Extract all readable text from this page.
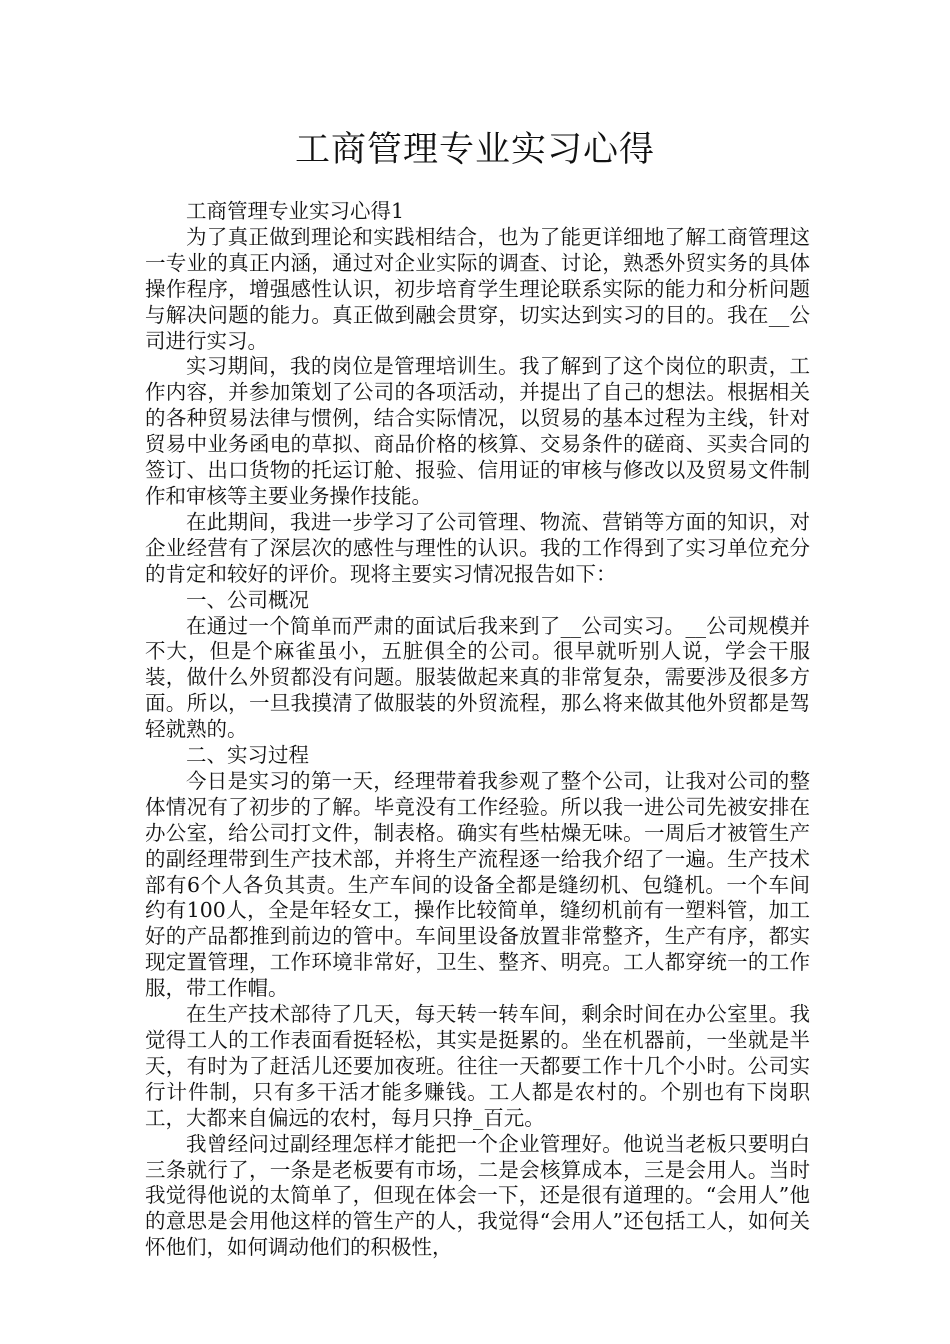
工商管理专业实习心得

工商管理专业实习心得1

为了真正做到理论和实践相结合，也为了能更详细地了解工商管理这一专业的真正内涵，通过对企业实际的调查、讨论，熟悉外贸实务的具体操作程序，增强感性认识，初步培育学生理论联系实际的能力和分析问题与解决问题的能力。真正做到融会贯穿，切实达到实习的目的。我在__公司进行实习。

实习期间，我的岗位是管理培训生。我了解到了这个岗位的职责，工作内容，并参加策划了公司的各项活动，并提出了自己的想法。根据相关的各种贸易法律与惯例，结合实际情况，以贸易的基本过程为主线，针对贸易中业务函电的草拟、商品价格的核算、交易条件的磋商、买卖合同的签订、出口货物的托运订舱、报验、信用证的审核与修改以及贸易文件制作和审核等主要业务操作技能。

在此期间，我进一步学习了公司管理、物流、营销等方面的知识，对企业经营有了深层次的感性与理性的认识。我的工作得到了实习单位充分的肯定和较好的评价。现将主要实习情况报告如下：

一、公司概况

在通过一个简单而严肃的面试后我来到了__公司实习。__公司规模并不大，但是个麻雀虽小，五脏俱全的公司。很早就听别人说，学会干服装，做什么外贸都没有问题。服装做起来真的非常复杂，需要涉及很多方面。所以，一旦我摸清了做服装的外贸流程，那么将来做其他外贸都是驾轻就熟的。

二、实习过程

今日是实习的第一天，经理带着我参观了整个公司，让我对公司的整体情况有了初步的了解。毕竟没有工作经验。所以我一进公司先被安排在办公室，给公司打文件，制表格。确实有些枯燥无味。一周后才被管生产的副经理带到生产技术部，并将生产流程逐一给我介绍了一遍。生产技术部有6个人各负其责。生产车间的设备全都是缝纫机、包缝机。一个车间约有100人，全是年轻女工，操作比较简单，缝纫机前有一塑料管，加工好的产品都推到前边的管中。车间里设备放置非常整齐，生产有序，都实现定置管理，工作环境非常好，卫生、整齐、明亮。工人都穿统一的工作服，带工作帽。

在生产技术部待了几天，每天转一转车间，剩余时间在办公室里。我觉得工人的工作表面看挺轻松，其实是挺累的。坐在机器前，一坐就是半天，有时为了赶活儿还要加夜班。往往一天都要工作十几个小时。公司实行计件制，只有多干活才能多赚钱。工人都是农村的。个别也有下岗职工，大都来自偏远的农村，每月只挣_百元。

我曾经问过副经理怎样才能把一个企业管理好。他说当老板只要明白三条就行了，一条是老板要有市场，二是会核算成本，三是会用人。当时我觉得他说的太简单了，但现在体会一下，还是很有道理的。“会用人”他的意思是会用他这样的管生产的人，我觉得“会用人”还包括工人，如何关怀他们，如何调动他们的积极性，
